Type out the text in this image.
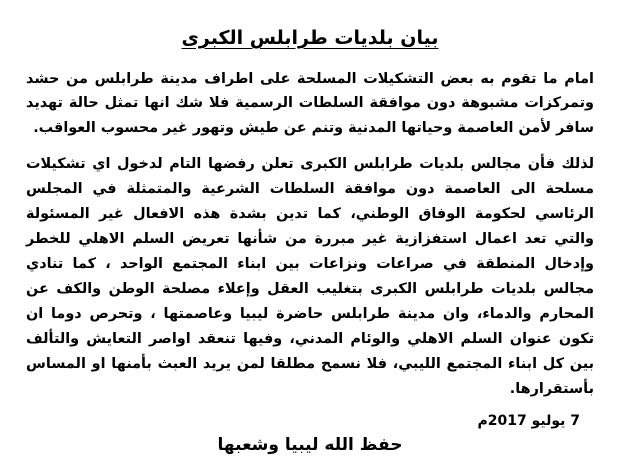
بيان بلديات طرابلس الكبرى

امام ما تقوم به بعض التشكيلات المسلحة على اطراف مدينة طرابلس من حشد وتمركزات مشبوهة دون موافقة السلطات الرسمية فلا شك انها تمثل حالة تهديد سافر لأمن العاصمة وحياتها المدنية وتنم عن طيش وتهور غير محسوب العواقب.

لذلك فأن مجالس بلديات طرابلس الكبرى تعلن رفضها التام لدخول اي تشكيلات مسلحة الى العاصمة دون موافقة السلطات الشرعية والمتمثلة في المجلس الرئاسي لحكومة الوفاق الوطني، كما تدين بشدة هذه الافعال غير المسئولة والتي تعد اعمال استفزازية غير مبررة من شأنها تعريض السلم الاهلي للخطر وإدخال المنطقة في صراعات ونزاعات بين ابناء المجتمع الواحد ، كما تنادي مجالس بلديات طرابلس الكبرى بتغليب العقل وإعلاء مصلحة الوطن والكف عن المحارم والدماء، وان مدينة طرابلس حاضرة ليبيا وعاصمتها ، وتحرص دوما ان تكون عنوان السلم الاهلي والوئام المدني، وفيها تنعقد اواصر التعايش والتألف بين كل ابناء المجتمع الليبي، فلا نسمح مطلقا لمن يريد العبث بأمنها او المساس بأستقرارها.

7 يوليو 2017م
حفظ الله ليبيا وشعبها
